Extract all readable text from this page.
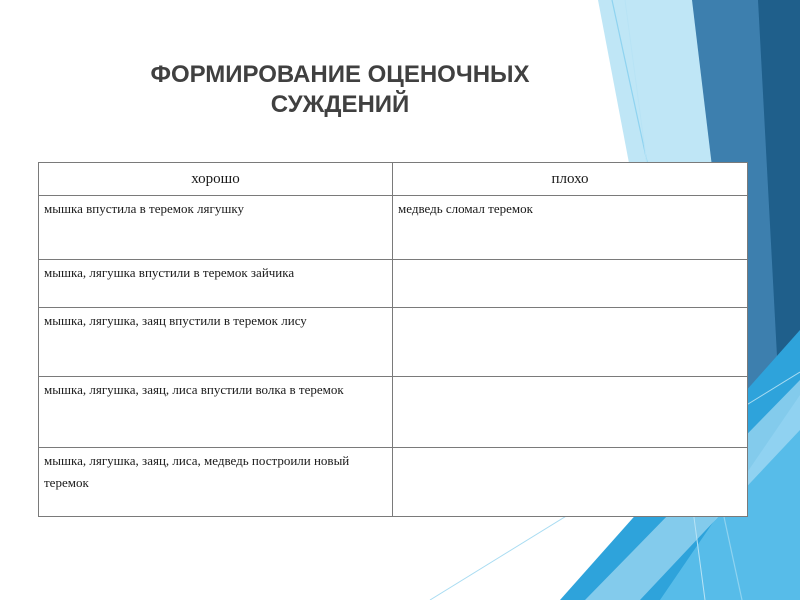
ФОРМИРОВАНИЕ ОЦЕНОЧНЫХ
СУЖДЕНИЙ
хорошо	плохо
мышка впустила в теремок лягушку	медведь сломал теремок
мышка, лягушка впустили в теремок зайчика	
мышка, лягушка, заяц впустили в теремок лису	
мышка, лягушка, заяц, лиса впустили волка в теремок	
мышка, лягушка, заяц, лиса, медведь построили новый теремок	
